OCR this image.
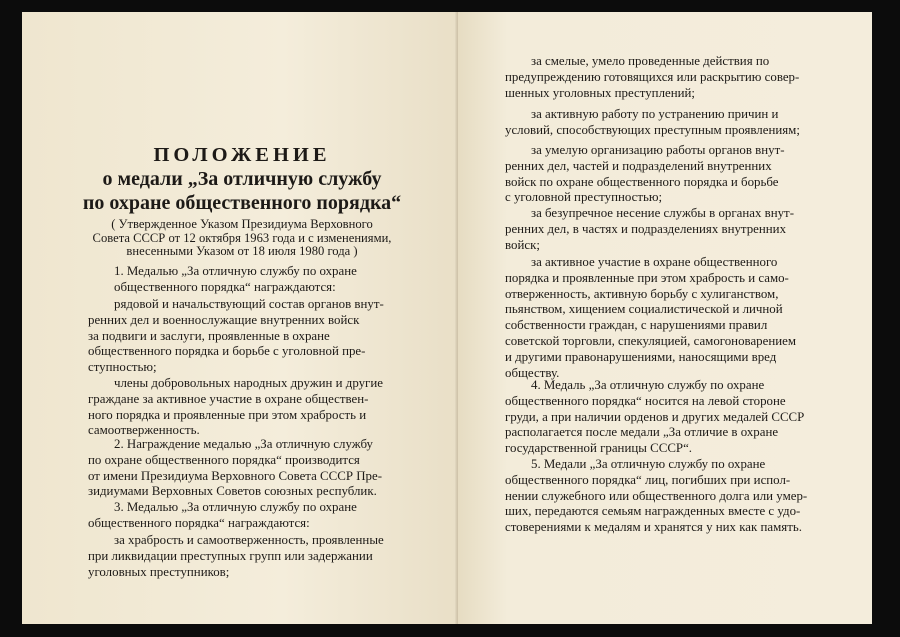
ПОЛОЖЕНИЕ
о медали „За отличную службу
по охране общественного порядка“
( Утвержденное Указом Президиума Верховного
Совета СССР от 12 октября 1963 года и с изменениями,
внесенными Указом от 18 июля 1980 года )
1. Медалью „За отличную службу по охране
общественного порядка“ награждаются:
рядовой и начальствующий состав органов внут-
ренних дел и военнослужащие внутренних войск
за подвиги и заслуги, проявленные в охране
общественного порядка и борьбе с уголовной пре-
ступностью;
члены добровольных народных дружин и другие
граждане за активное участие в охране обществен-
ного порядка и проявленные при этом храбрость и
самоотверженность.
2. Награждение медалью „За отличную службу
по охране общественного порядка“ производится
от имени Президиума Верховного Совета СССР Пре-
зидиумами Верховных Советов союзных республик.
3. Медалью „За отличную службу по охране
общественного порядка“ награждаются:
за храбрость и самоотверженность, проявленные
при ликвидации преступных групп или задержании
уголовных преступников;
за смелые, умело проведенные действия по
предупреждению готовящихся или раскрытию совер-
шенных уголовных преступлений;
за активную работу по устранению причин и
условий, способствующих преступным проявлениям;
за умелую организацию работы органов внут-
ренних дел, частей и подразделений внутренних
войск по охране общественного порядка и борьбе
с уголовной преступностью;
за безупречное несение службы в органах внут-
ренних дел, в частях и подразделениях внутренних
войск;
за активное участие в охране общественного
порядка и проявленные при этом храбрость и само-
отверженность, активную борьбу с хулиганством,
пьянством, хищением социалистической и личной
собственности граждан, с нарушениями правил
советской торговли, спекуляцией, самогоноварением
и другими правонарушениями, наносящими вред
обществу.
4. Медаль „За отличную службу по охране
общественного порядка“ носится на левой стороне
груди, а при наличии орденов и других медалей СССР
располагается после медали „За отличие в охране
государственной границы СССР“.
5. Медали „За отличную службу по охране
общественного порядка“ лиц, погибших при испол-
нении служебного или общественного долга или умер-
ших, передаются семьям награжденных вместе с удо-
стоверениями к медалям и хранятся у них как память.
